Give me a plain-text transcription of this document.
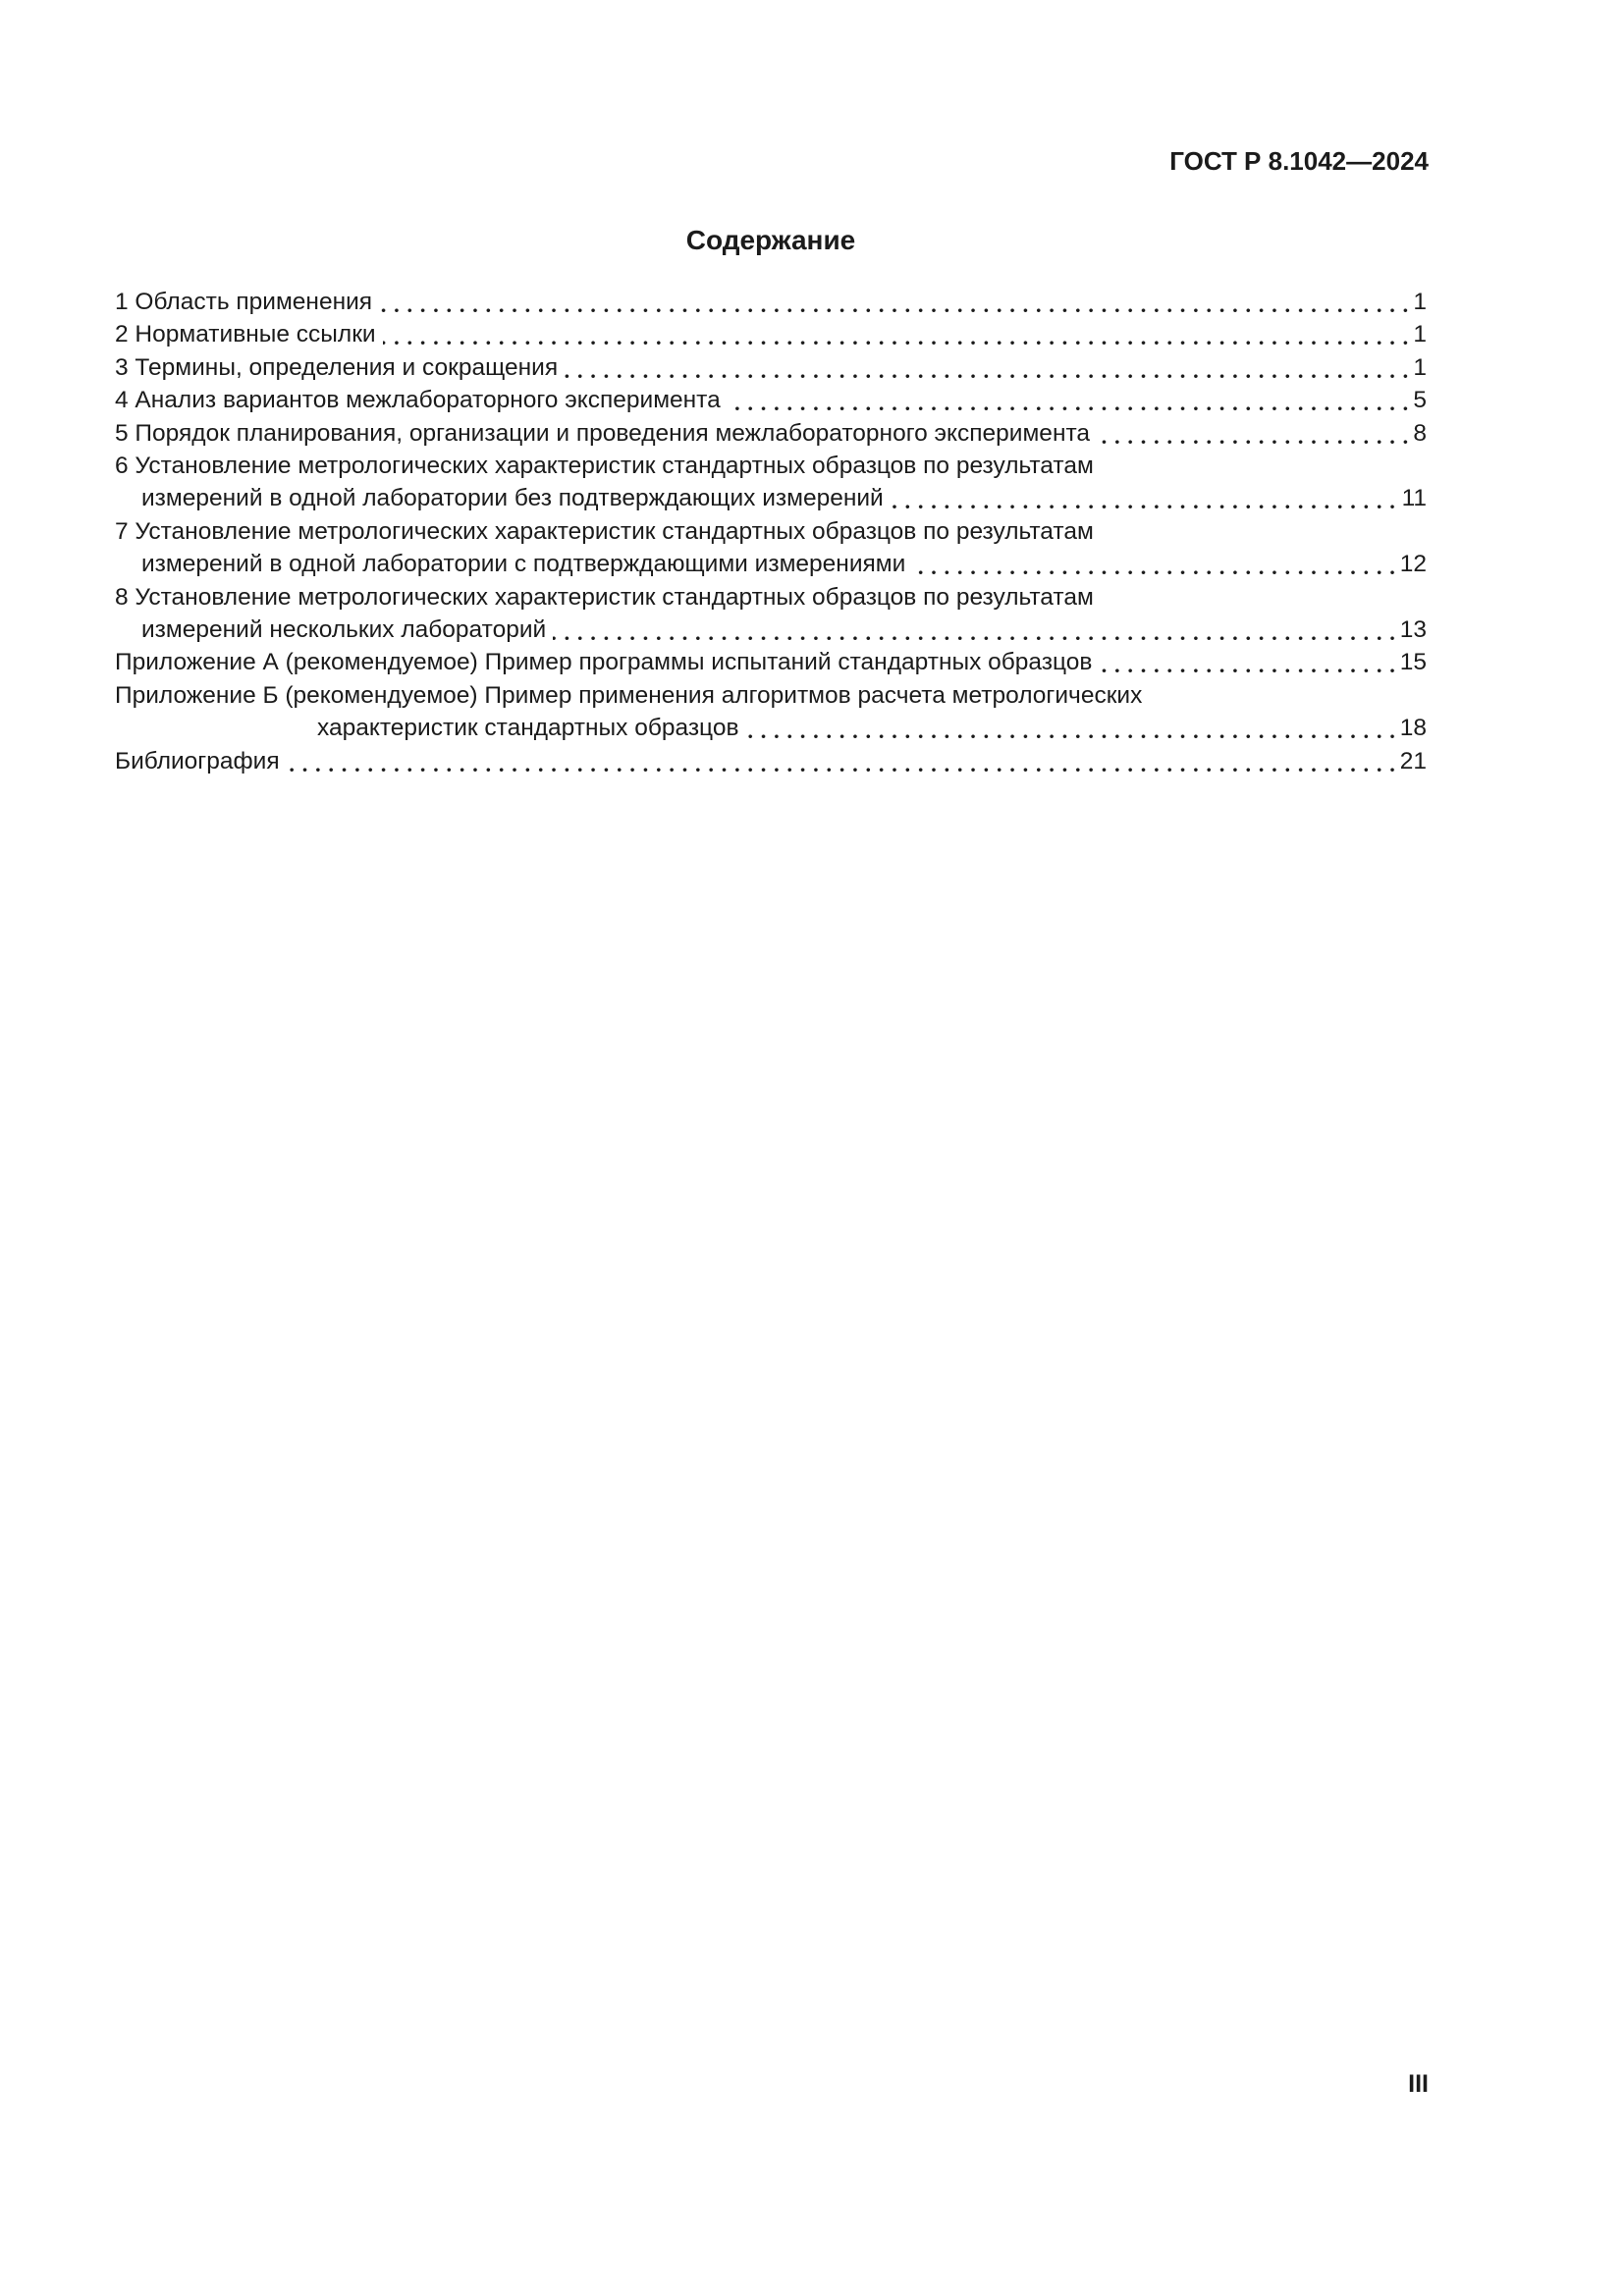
ГОСТ Р 8.1042—2024
Содержание
1 Область применения	1
2 Нормативные ссылки	1
3 Термины, определения и сокращения	1
4 Анализ вариантов межлабораторного эксперимента	5
5 Порядок планирования, организации и проведения межлабораторного эксперимента	8
6 Установление метрологических характеристик стандартных образцов по результатам
измерений в одной лаборатории без подтверждающих измерений	11
7 Установление метрологических характеристик стандартных образцов по результатам
измерений в одной лаборатории с подтверждающими измерениями	12
8 Установление метрологических характеристик стандартных образцов по результатам
измерений нескольких лабораторий	13
Приложение А (рекомендуемое) Пример программы испытаний стандартных образцов	15
Приложение Б (рекомендуемое) Пример применения алгоритмов расчета метрологических
характеристик стандартных образцов	18
Библиография	21
III
